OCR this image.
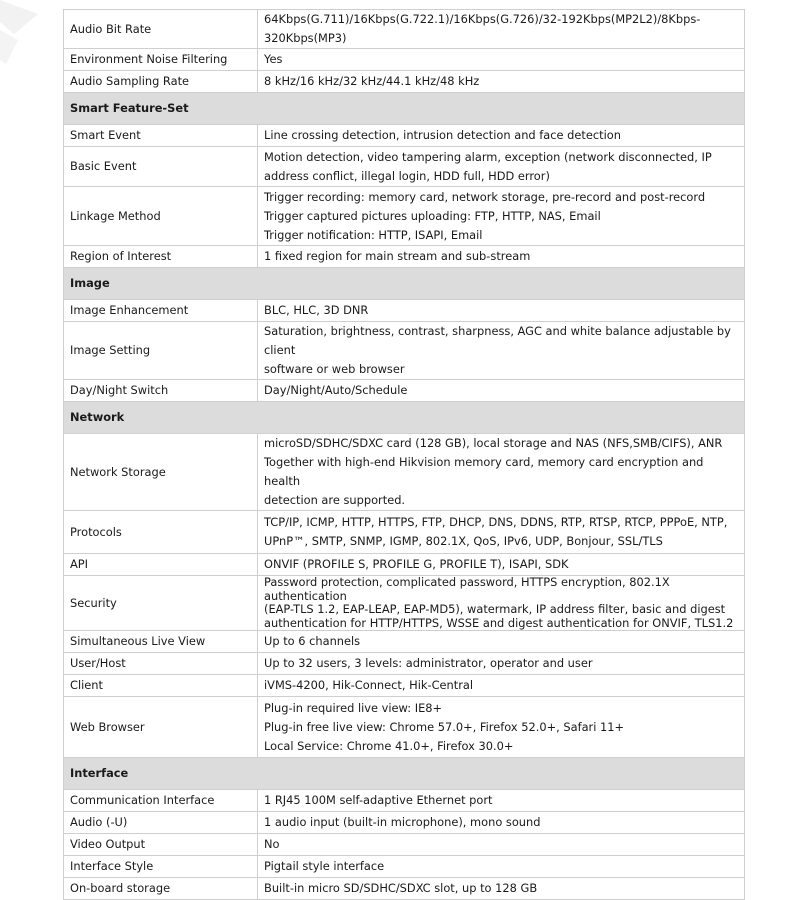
Audio Bit Rate	64Kbps(G.711)/16Kbps(G.722.1)/16Kbps(G.726)/32-192Kbps(MP2L2)/8Kbps-
320Kbps(MP3)

Environment Noise Filtering	Yes

Audio Sampling Rate	8 kHz/16 kHz/32 kHz/44.1 kHz/48 kHz

Smart Feature-Set	
Smart Event	Line crossing detection, intrusion detection and face detection

Basic Event	Motion detection, video tampering alarm, exception (network disconnected, IP
address conflict, illegal login, HDD full, HDD error)

Linkage Method	Trigger recording: memory card, network storage, pre-record and post-record
Trigger captured pictures uploading: FTP, HTTP, NAS, Email
Trigger notification: HTTP, ISAPI, Email

Region of Interest	1 fixed region for main stream and sub-stream

Image	
Image Enhancement	BLC, HLC, 3D DNR

Image Setting	Saturation, brightness, contrast, sharpness, AGC and white balance adjustable by client
software or web browser

Day/Night Switch	Day/Night/Auto/Schedule

Network	
Network Storage	microSD/SDHC/SDXC card (128 GB), local storage and NAS (NFS,SMB/CIFS), ANR
Together with high-end Hikvision memory card, memory card encryption and health
detection are supported.

Protocols	TCP/IP, ICMP, HTTP, HTTPS, FTP, DHCP, DNS, DDNS, RTP, RTSP, RTCP, PPPoE, NTP,
UPnP™, SMTP, SNMP, IGMP, 802.1X, QoS, IPv6, UDP, Bonjour, SSL/TLS

API	ONVIF (PROFILE S, PROFILE G, PROFILE T), ISAPI, SDK

Security	Password protection, complicated password, HTTPS encryption, 802.1X authentication
(EAP-TLS 1.2, EAP-LEAP, EAP-MD5), watermark, IP address filter, basic and digest
authentication for HTTP/HTTPS, WSSE and digest authentication for ONVIF, TLS1.2

Simultaneous Live View	Up to 6 channels

User/Host	Up to 32 users, 3 levels: administrator, operator and user

Client	iVMS-4200, Hik-Connect, Hik-Central

Web Browser	Plug-in required live view: IE8+
Plug-in free live view: Chrome 57.0+, Firefox 52.0+, Safari 11+
Local Service: Chrome 41.0+, Firefox 30.0+

Interface	
Communication Interface	1 RJ45 100M self-adaptive Ethernet port

Audio (-U)	1 audio input (built-in microphone), mono sound

Video Output	No

Interface Style	Pigtail style interface

On-board storage	Built-in micro SD/SDHC/SDXC slot, up to 128 GB
